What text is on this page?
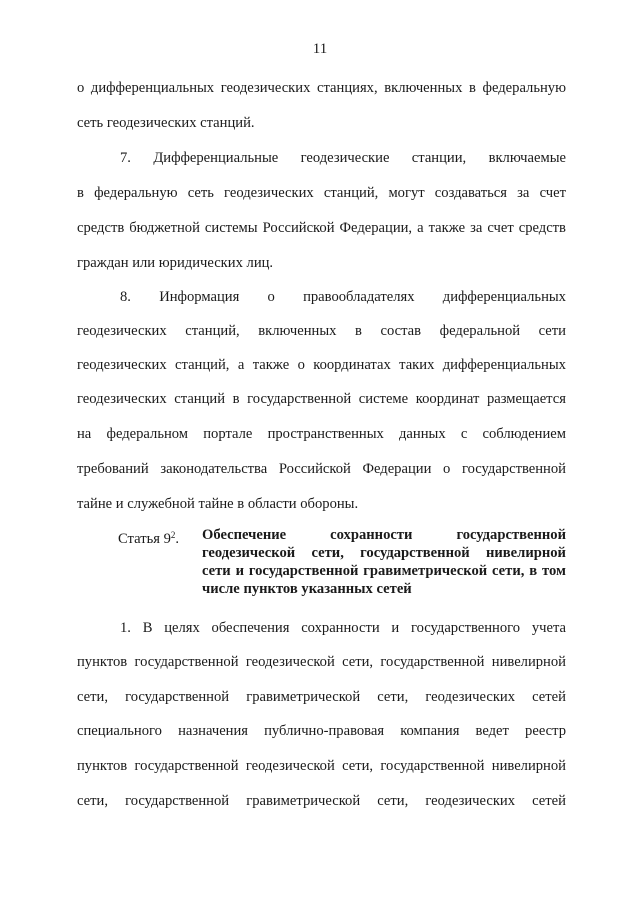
11
о дифференциальных геодезических станциях, включенных в федеральную
сеть геодезических станций.
7. Дифференциальные геодезические станции, включаемые
в федеральную сеть геодезических станций, могут создаваться за счет
средств бюджетной системы Российской Федерации, а также за счет средств
граждан или юридических лиц.
8. Информация о правообладателях дифференциальных
геодезических станций, включенных в состав федеральной сети
геодезических станций, а также о координатах таких дифференциальных
геодезических станций в государственной системе координат размещается
на федеральном портале пространственных данных с соблюдением
требований законодательства Российской Федерации о государственной
тайне и служебной тайне в области обороны.
Статья $9^2$. Обеспечение	сохранности	государственной
геодезической сети, государственной нивелирной
сети и государственной гравиметрической сети, в том
числе пунктов указанных сетей
1. В целях обеспечения сохранности и государственного учета
пунктов государственной геодезической сети, государственной нивелирной
сети, государственной гравиметрической сети, геодезических сетей
специального назначения публично-правовая компания ведет реестр
пунктов государственной геодезической сети, государственной нивелирной
сети, государственной гравиметрической сети, геодезических сетей
